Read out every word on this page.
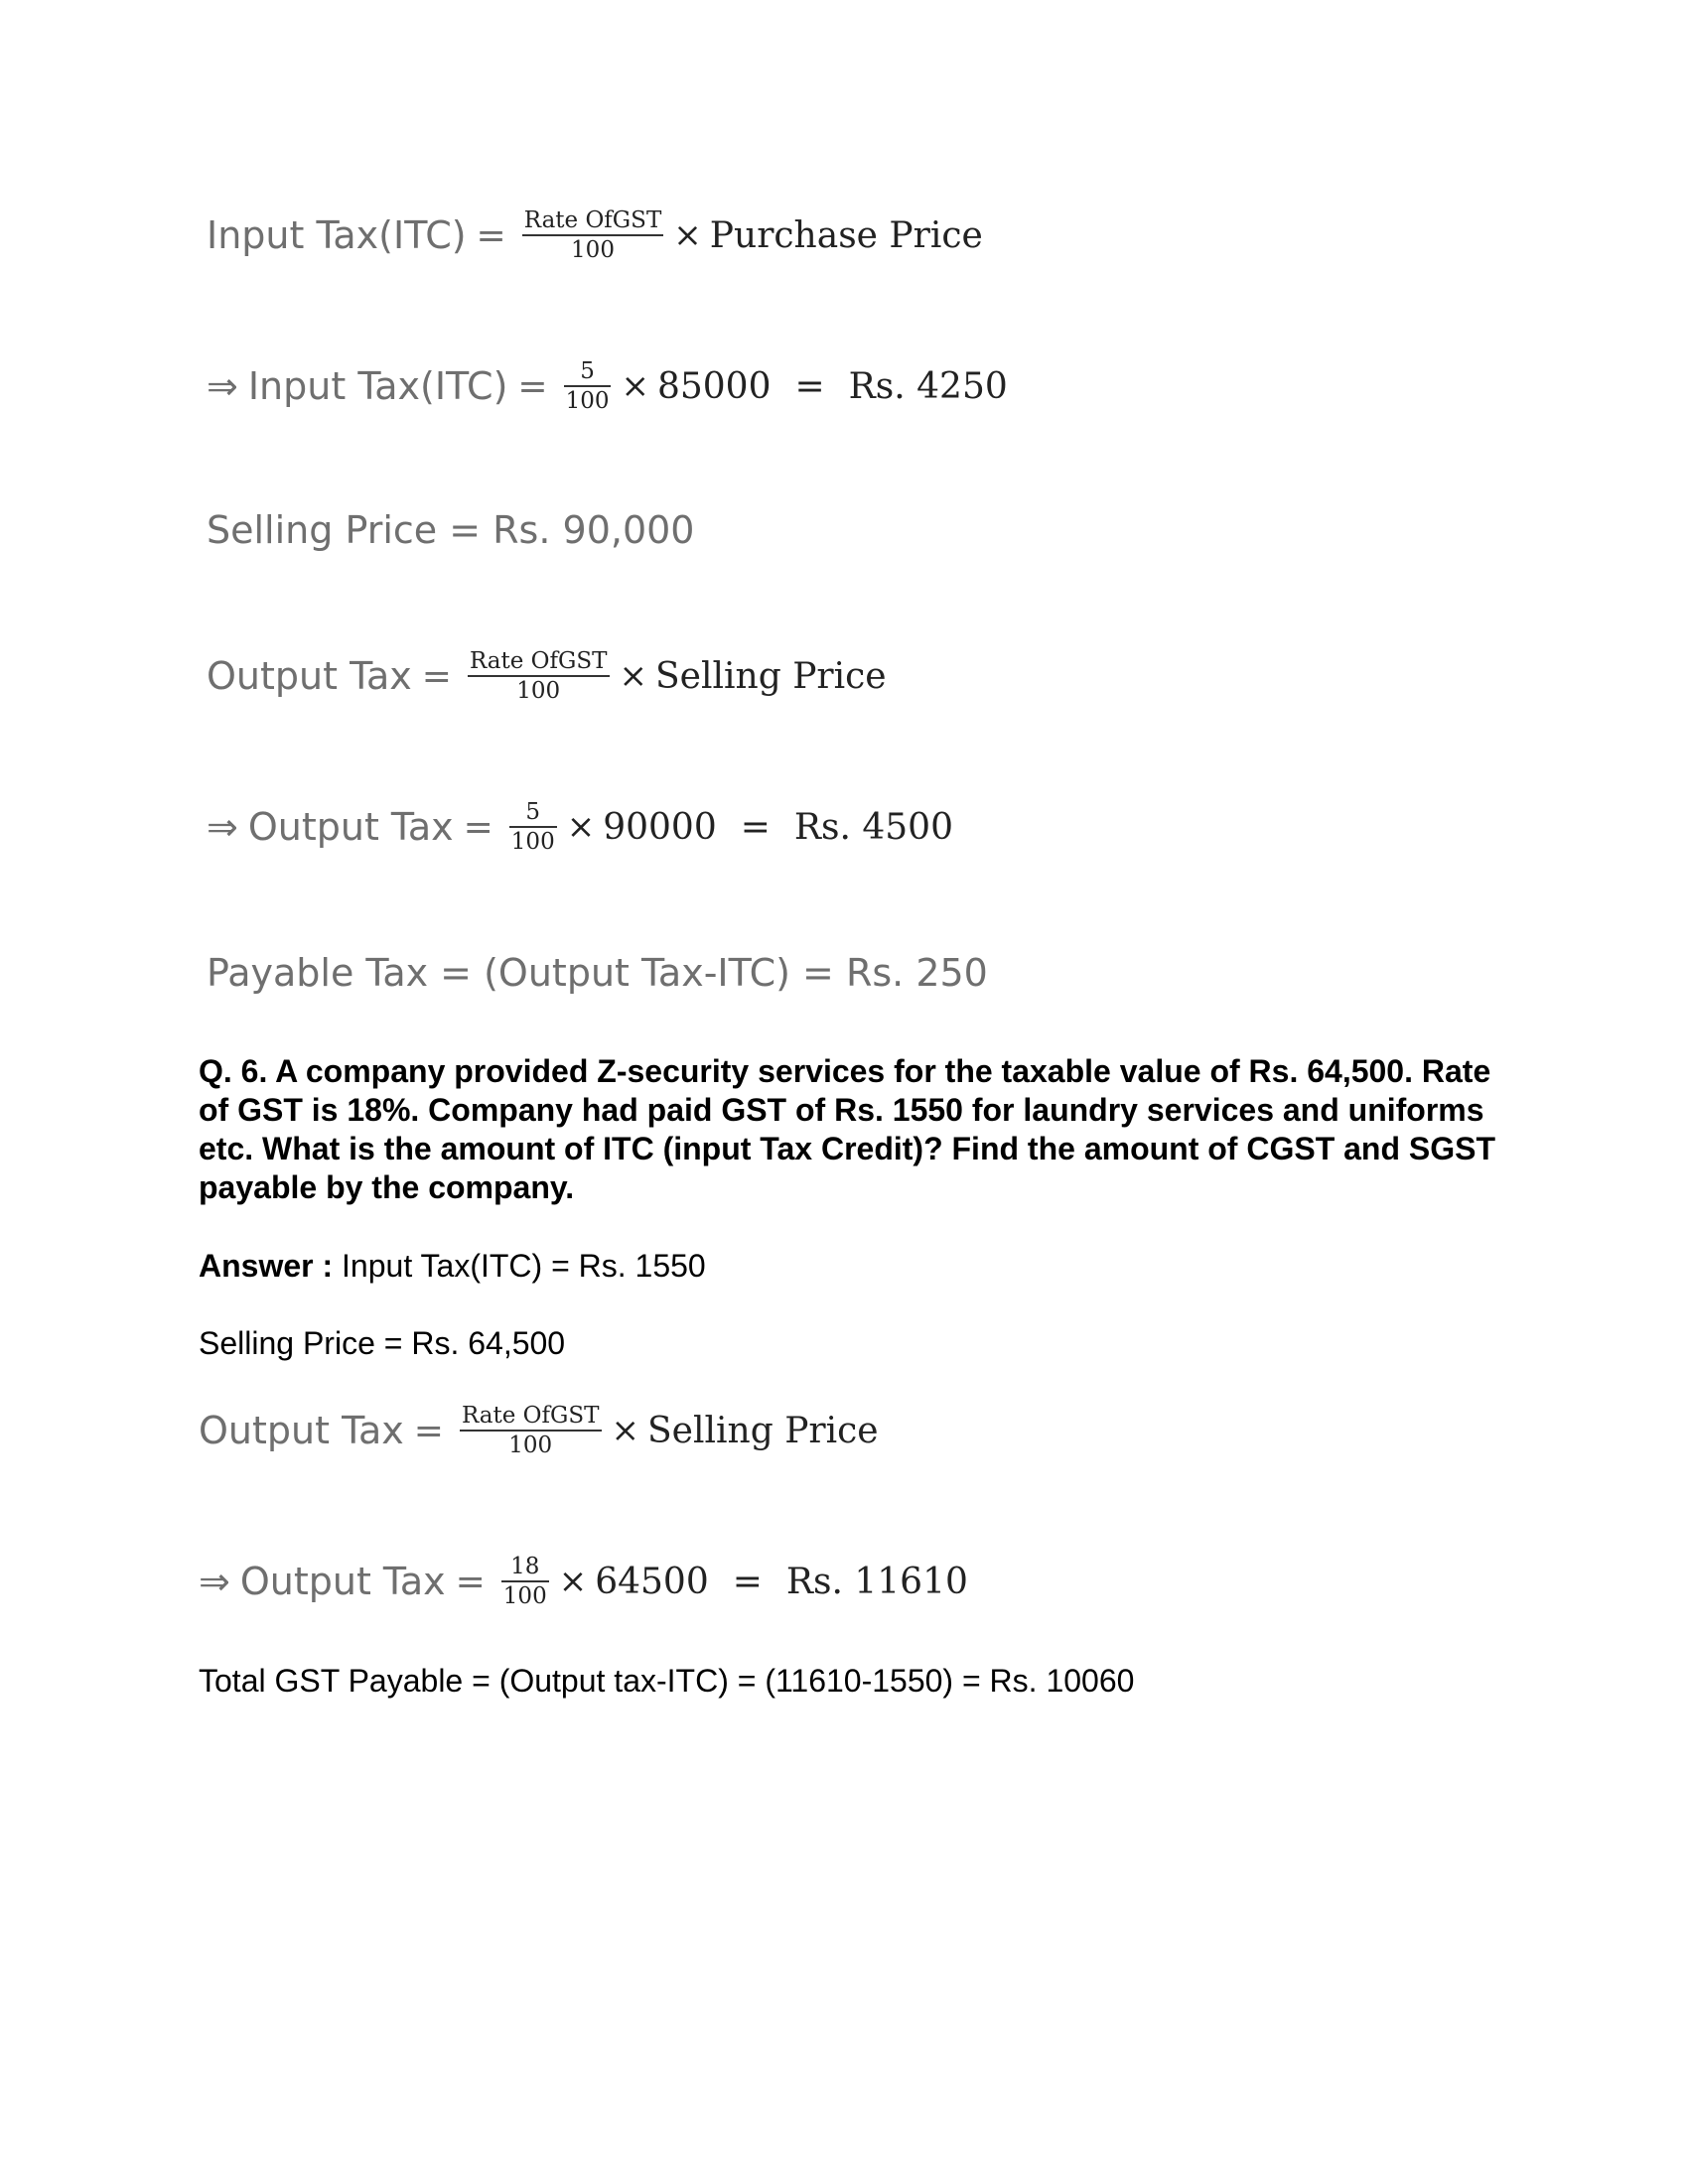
Input $Tax(ITC) = \frac{\text{Rate OfGST}}{100}$ × Purchase Price
⇒ Input $Tax(ITC) = \frac{5}{100} \times 85000 = Rs$. 4250
Selling Price = Rs. 90,000
Output Tax = $\frac{\text{Rate OfGST}}{100}$ × Selling Price
⇒ Output Tax = $\frac{5}{100} \times 90000 = Rs$. 4500
Payable Tax = (Output Tax-ITC) = Rs. 250
Q. 6. A company provided Z-security services for the taxable value of Rs. 64,500. Rate of GST is 18%. Company had paid GST of Rs. 1550 for laundry services and uniforms etc. What is the amount of ITC (input Tax Credit)? Find the amount of CGST and SGST payable by the company.
Answer : Input Tax(ITC) = Rs. 1550
Selling Price = Rs. 64,500
Output Tax = $\frac{\text{Rate OfGST}}{100}$ × Selling Price
⇒ Output Tax = $\frac{18}{100} \times 64500 = Rs$. 11610
Total GST Payable = (Output tax-ITC) = (11610-1550) = Rs. 10060
